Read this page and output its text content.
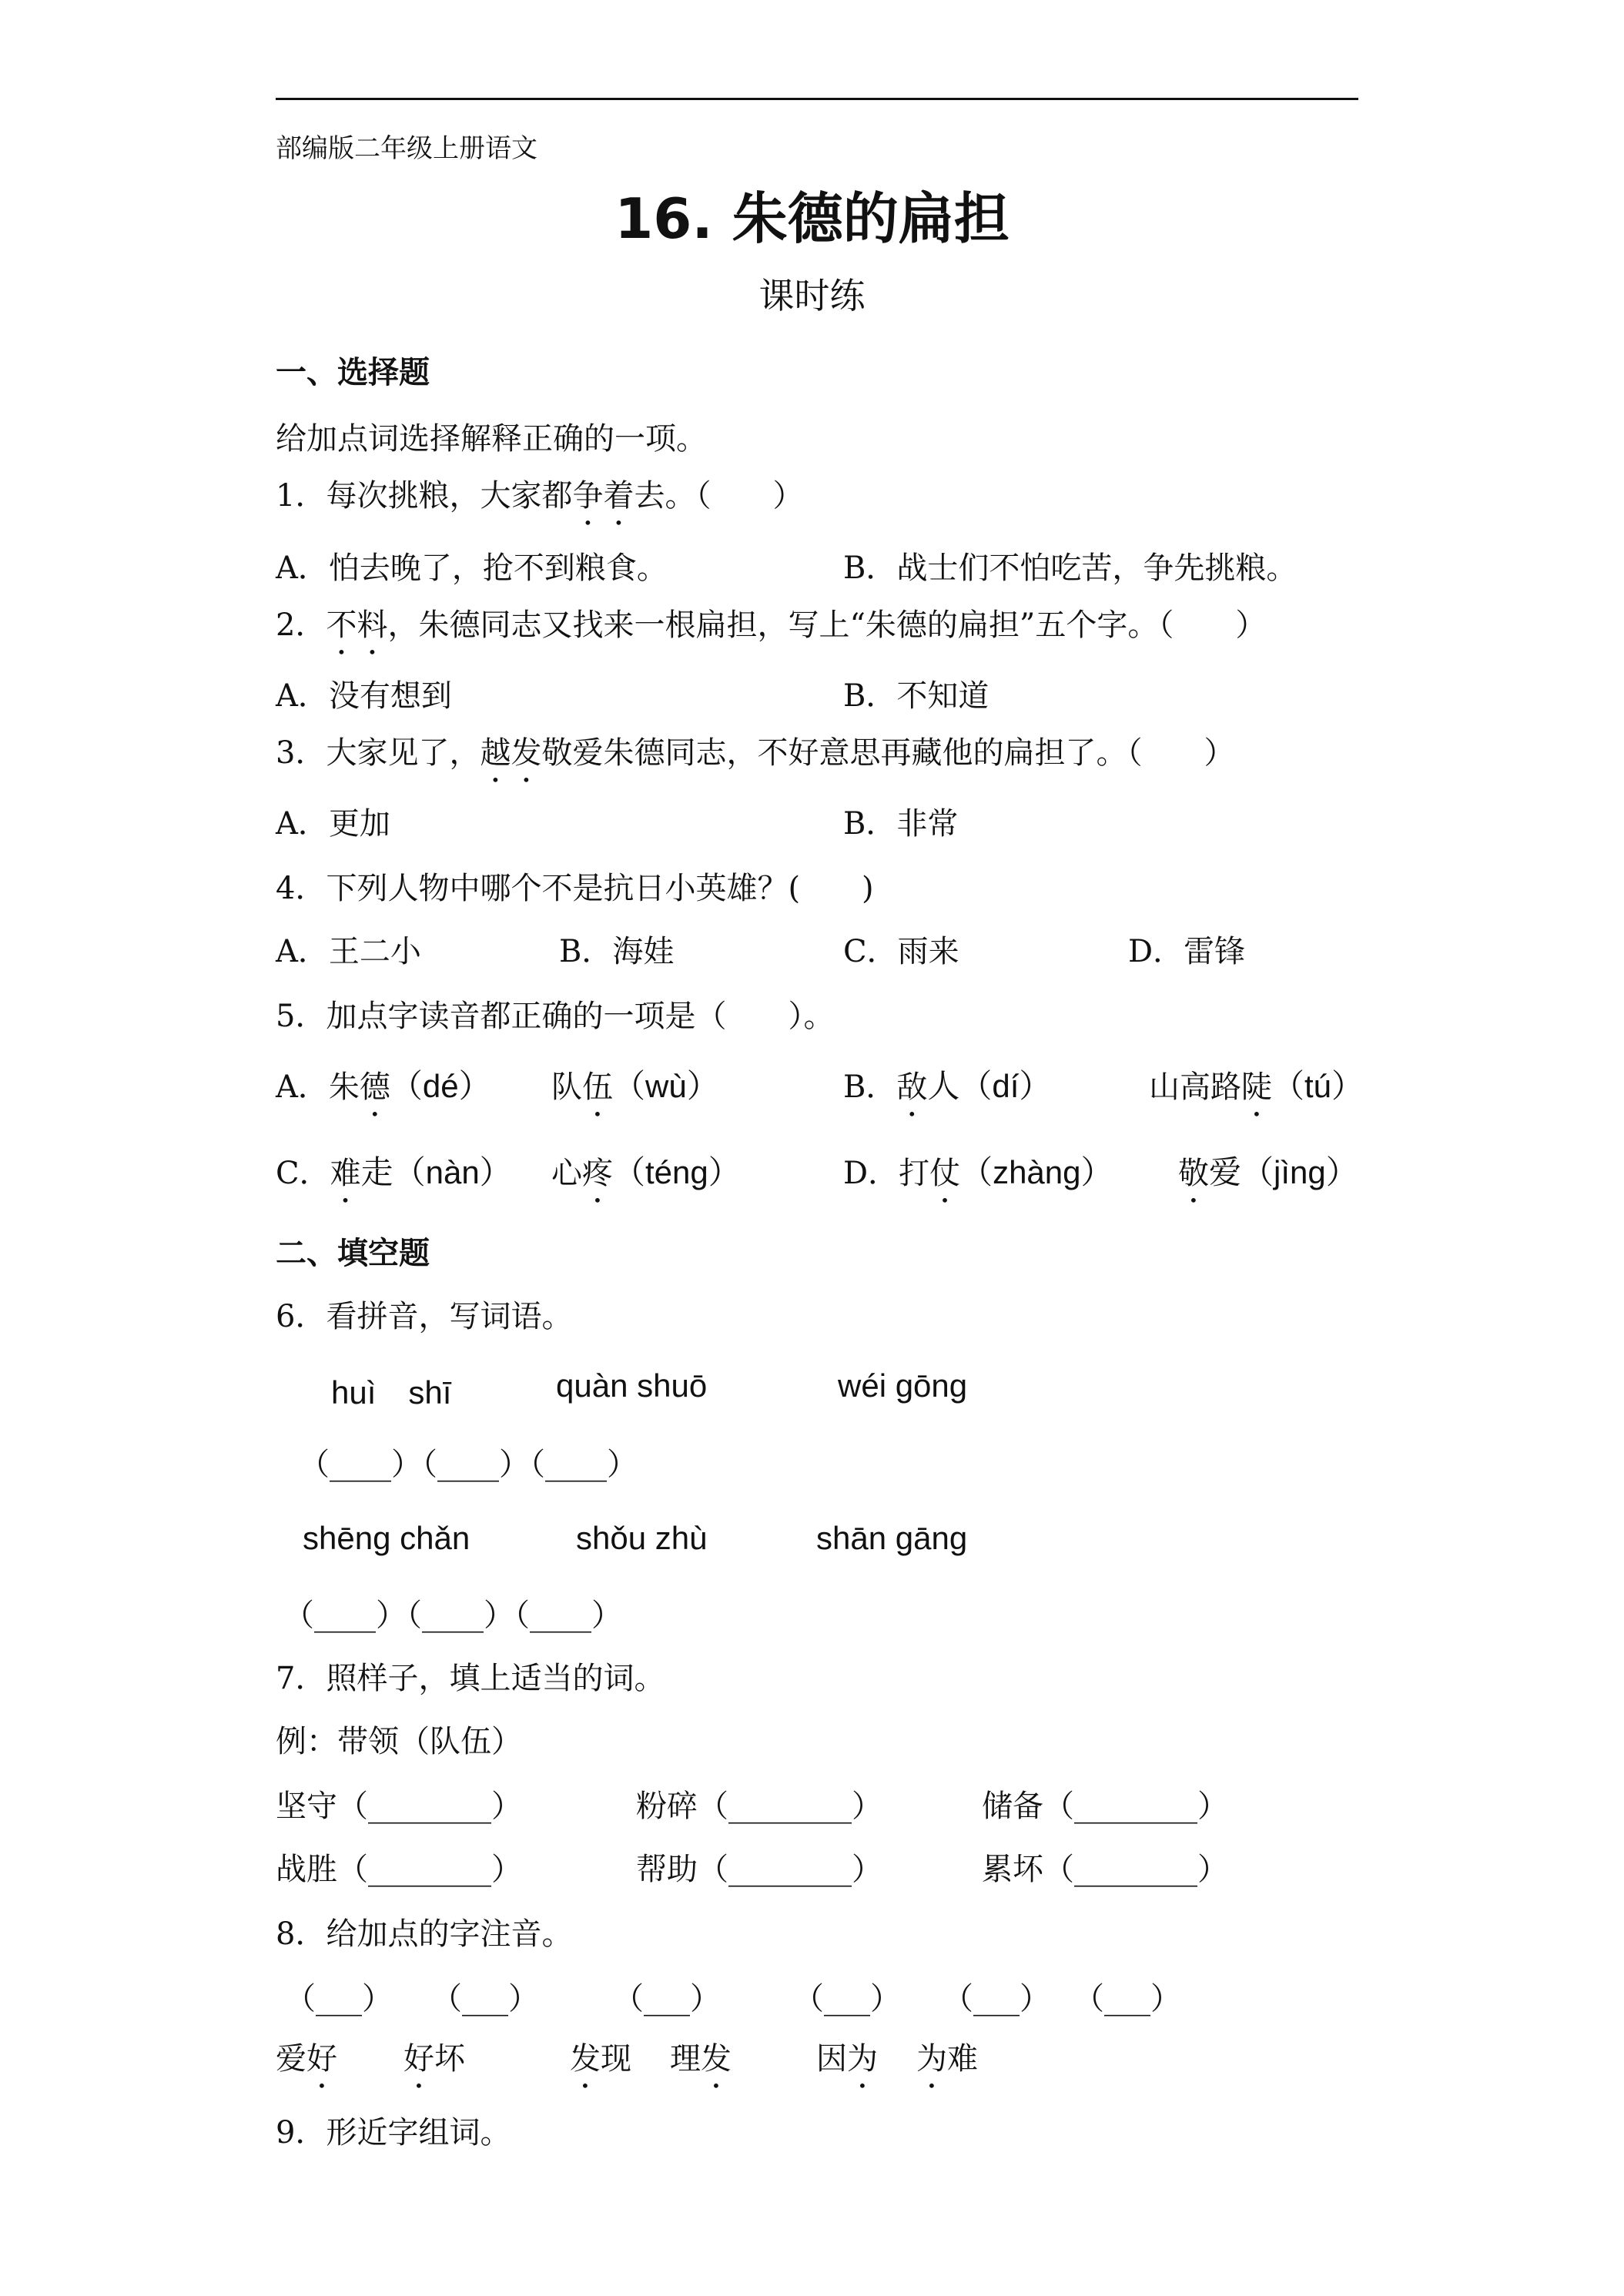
部编版二年级上册语文
16. 朱德的扁担
课时练
一、选择题
给加点词选择解释正确的一项。
1．每次挑粮，大家都争着去。（　　）
A．怕去晚了，抢不到粮食。	B．战士们不怕吃苦，争先挑粮。
2．不料，朱德同志又找来一根扁担，写上“朱德的扁担”五个字。（　　）
A．没有想到	B．不知道
3．大家见了，越发敬爱朱德同志，不好意思再藏他的扁担了。（　　）
A．更加	B．非常
4．下列人物中哪个不是抗日小英雄？(　　)
A．王二小	B．海娃	C．雨来	D．雷锋
5．加点字读音都正确的一项是（　　）。
A．朱德（dé） 队伍（wù）	B．敌人（dí）	山高路陡（tú）
C．难走（nàn） 心疼（téng）	D．打仗（zhàng） 敬爱（jìng）
二、填空题
6．看拼音，写词语。
huì　shī	quàn shuō	wéi gōng
（____）（____）（____）
shēng chǎn	shǒu zhù	shān gāng
（____）（____）（____）
7．照样子，填上适当的词。
例：带领（队伍）
坚守（________）	粉碎（________）	储备（________）
战胜（________）	帮助（________）	累坏（________）
8．给加点的字注音。
（___） （___） （___） （___） （___） （___）
爱好 好坏	发现 理发	因为 为难
9．形近字组词。
